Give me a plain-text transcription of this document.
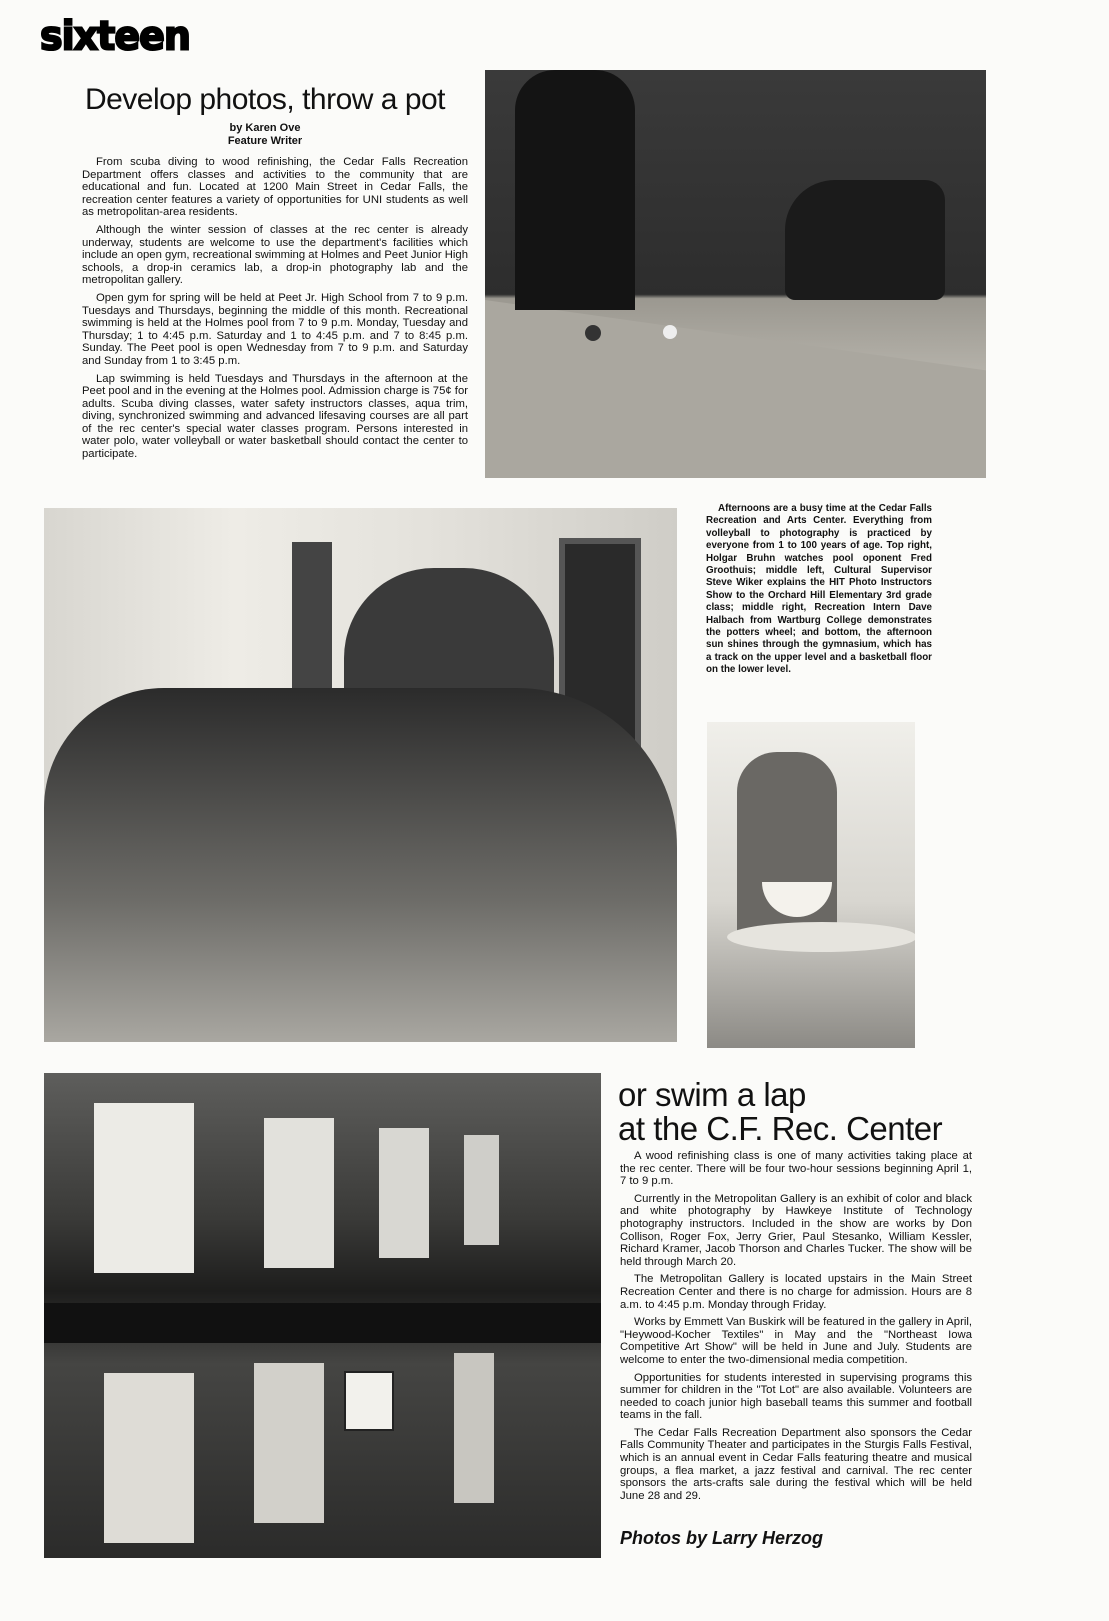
sixteen
Develop photos, throw a pot
by Karen Ove
Feature Writer

From scuba diving to wood refinishing, the Cedar Falls Recreation Department offers classes and activities to the community that are educational and fun. Located at 1200 Main Street in Cedar Falls, the recreation center features a variety of opportunities for UNI students as well as metropolitan-area residents.

Although the winter session of classes at the rec center is already underway, students are welcome to use the department's facilities which include an open gym, recreational swimming at Holmes and Peet Junior High schools, a drop-in ceramics lab, a drop-in photography lab and the metropolitan gallery.

Open gym for spring will be held at Peet Jr. High School from 7 to 9 p.m. Tuesdays and Thursdays, beginning the middle of this month. Recreational swimming is held at the Holmes pool from 7 to 9 p.m. Monday, Tuesday and Thursday; 1 to 4:45 p.m. Saturday and 1 to 4:45 p.m. and 7 to 8:45 p.m. Sunday. The Peet pool is open Wednesday from 7 to 9 p.m. and Saturday and Sunday from 1 to 3:45 p.m.

Lap swimming is held Tuesdays and Thursdays in the afternoon at the Peet pool and in the evening at the Holmes pool. Admission charge is 75¢ for adults. Scuba diving classes, water safety instructors classes, aqua trim, diving, synchronized swimming and advanced lifesaving courses are all part of the rec center's special water classes program. Persons interested in water polo, water volleyball or water basketball should contact the center to participate.

Afternoons are a busy time at the Cedar Falls Recreation and Arts Center. Everything from volleyball to photography is practiced by everyone from 1 to 100 years of age. Top right, Holgar Bruhn watches pool oponent Fred Groothuis; middle left, Cultural Supervisor Steve Wiker explains the HIT Photo Instructors Show to the Orchard Hill Elementary 3rd grade class; middle right, Recreation Intern Dave Halbach from Wartburg College demonstrates the potters wheel; and bottom, the afternoon sun shines through the gymnasium, which has a track on the upper level and a basketball floor on the lower level.

or swim a lap
at the C.F. Rec. Center

A wood refinishing class is one of many activities taking place at the rec center. There will be four two-hour sessions beginning April 1, 7 to 9 p.m.

Currently in the Metropolitan Gallery is an exhibit of color and black and white photography by Hawkeye Institute of Technology photography instructors. Included in the show are works by Don Collison, Roger Fox, Jerry Grier, Paul Stesanko, William Kessler, Richard Kramer, Jacob Thorson and Charles Tucker. The show will be held through March 20.

The Metropolitan Gallery is located upstairs in the Main Street Recreation Center and there is no charge for admission. Hours are 8 a.m. to 4:45 p.m. Monday through Friday.

Works by Emmett Van Buskirk will be featured in the gallery in April, "Heywood-Kocher Textiles" in May and the "Northeast Iowa Competitive Art Show" will be held in June and July. Students are welcome to enter the two-dimensional media competition.

Opportunities for students interested in supervising programs this summer for children in the "Tot Lot" are also available. Volunteers are needed to coach junior high baseball teams this summer and football teams in the fall.

The Cedar Falls Recreation Department also sponsors the Cedar Falls Community Theater and participates in the Sturgis Falls Festival, which is an annual event in Cedar Falls featuring theatre and musical groups, a flea market, a jazz festival and carnival. The rec center sponsors the arts-crafts sale during the festival which will be held June 28 and 29.

Photos by Larry Herzog
